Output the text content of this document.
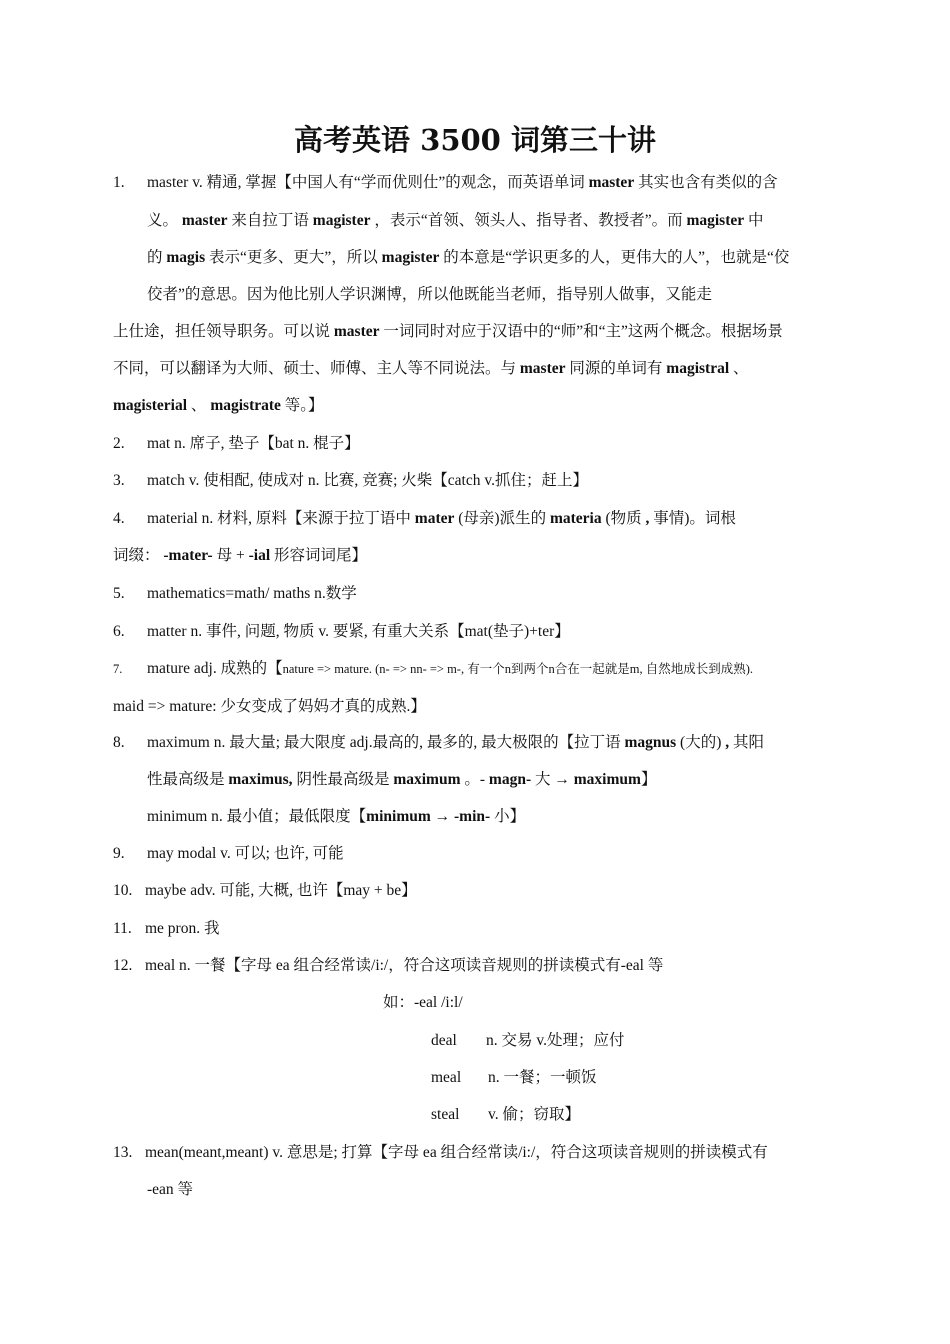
高考英语 3500 词第三十讲
1. master v. 精通, 掌握【中国人有“学而优则仕”的观念，而英语单词 master 其实也含有类似的含
义。 master 来自拉丁语 magister ，表示“首领、领头人、指导者、教授者”。而 magister 中
的 magis 表示“更多、更大”，所以 magister 的本意是“学识更多的人，更伟大的人”，也就是“佼
佼者”的意思。因为他比别人学识渊博，所以他既能当老师，指导别人做事，又能走
上仕途，担任领导职务。可以说 master 一词同时对应于汉语中的“师”和“主”这两个概念。根据场景
不同，可以翻译为大师、硕士、师傅、主人等不同说法。与 master 同源的单词有 magistral 、
magisterial 、 magistrate 等。】
2. mat n. 席子, 垫子【bat n. 棍子】
3. match v. 使相配, 使成对 n. 比赛, 竞赛; 火柴【catch v.抓住；赶上】
4. material n. 材料, 原料【来源于拉丁语中 mater (母亲)派生的 materia (物质 , 事情)。词根
词缀： -mater- 母 + -ial 形容词词尾】
5. mathematics=math/ maths n.数学
6. matter n. 事件, 问题, 物质 v. 要紧, 有重大关系【mat(垫子)+ter】
7. mature adj. 成熟的【nature => mature. (n- => nn- => m-, 有一个n到两个n合在一起就是m, 自然地成长到成熟).
maid => mature: 少女变成了妈妈才真的成熟.】
8. maximum n. 最大量; 最大限度 adj.最高的, 最多的, 最大极限的【拉丁语 magnus (大的) , 其阳
性最高级是 maximus, 阴性最高级是 maximum 。- magn- 大 → maximum】
minimum n. 最小值；最低限度【minimum → -min- 小】
9. may modal v. 可以; 也许, 可能
10. maybe adv. 可能, 大概, 也许【may + be】
11. me pron. 我
12. meal n. 一餐【字母 ea 组合经常读/i:/，符合这项读音规则的拼读模式有-eal 等
如：-eal /i:l/
deal n. 交易 v.处理；应付
meal n. 一餐；一顿饭
steal v. 偷；窃取】
13. mean(meant,meant) v. 意思是; 打算【字母 ea 组合经常读/i:/，符合这项读音规则的拼读模式有
-ean 等
